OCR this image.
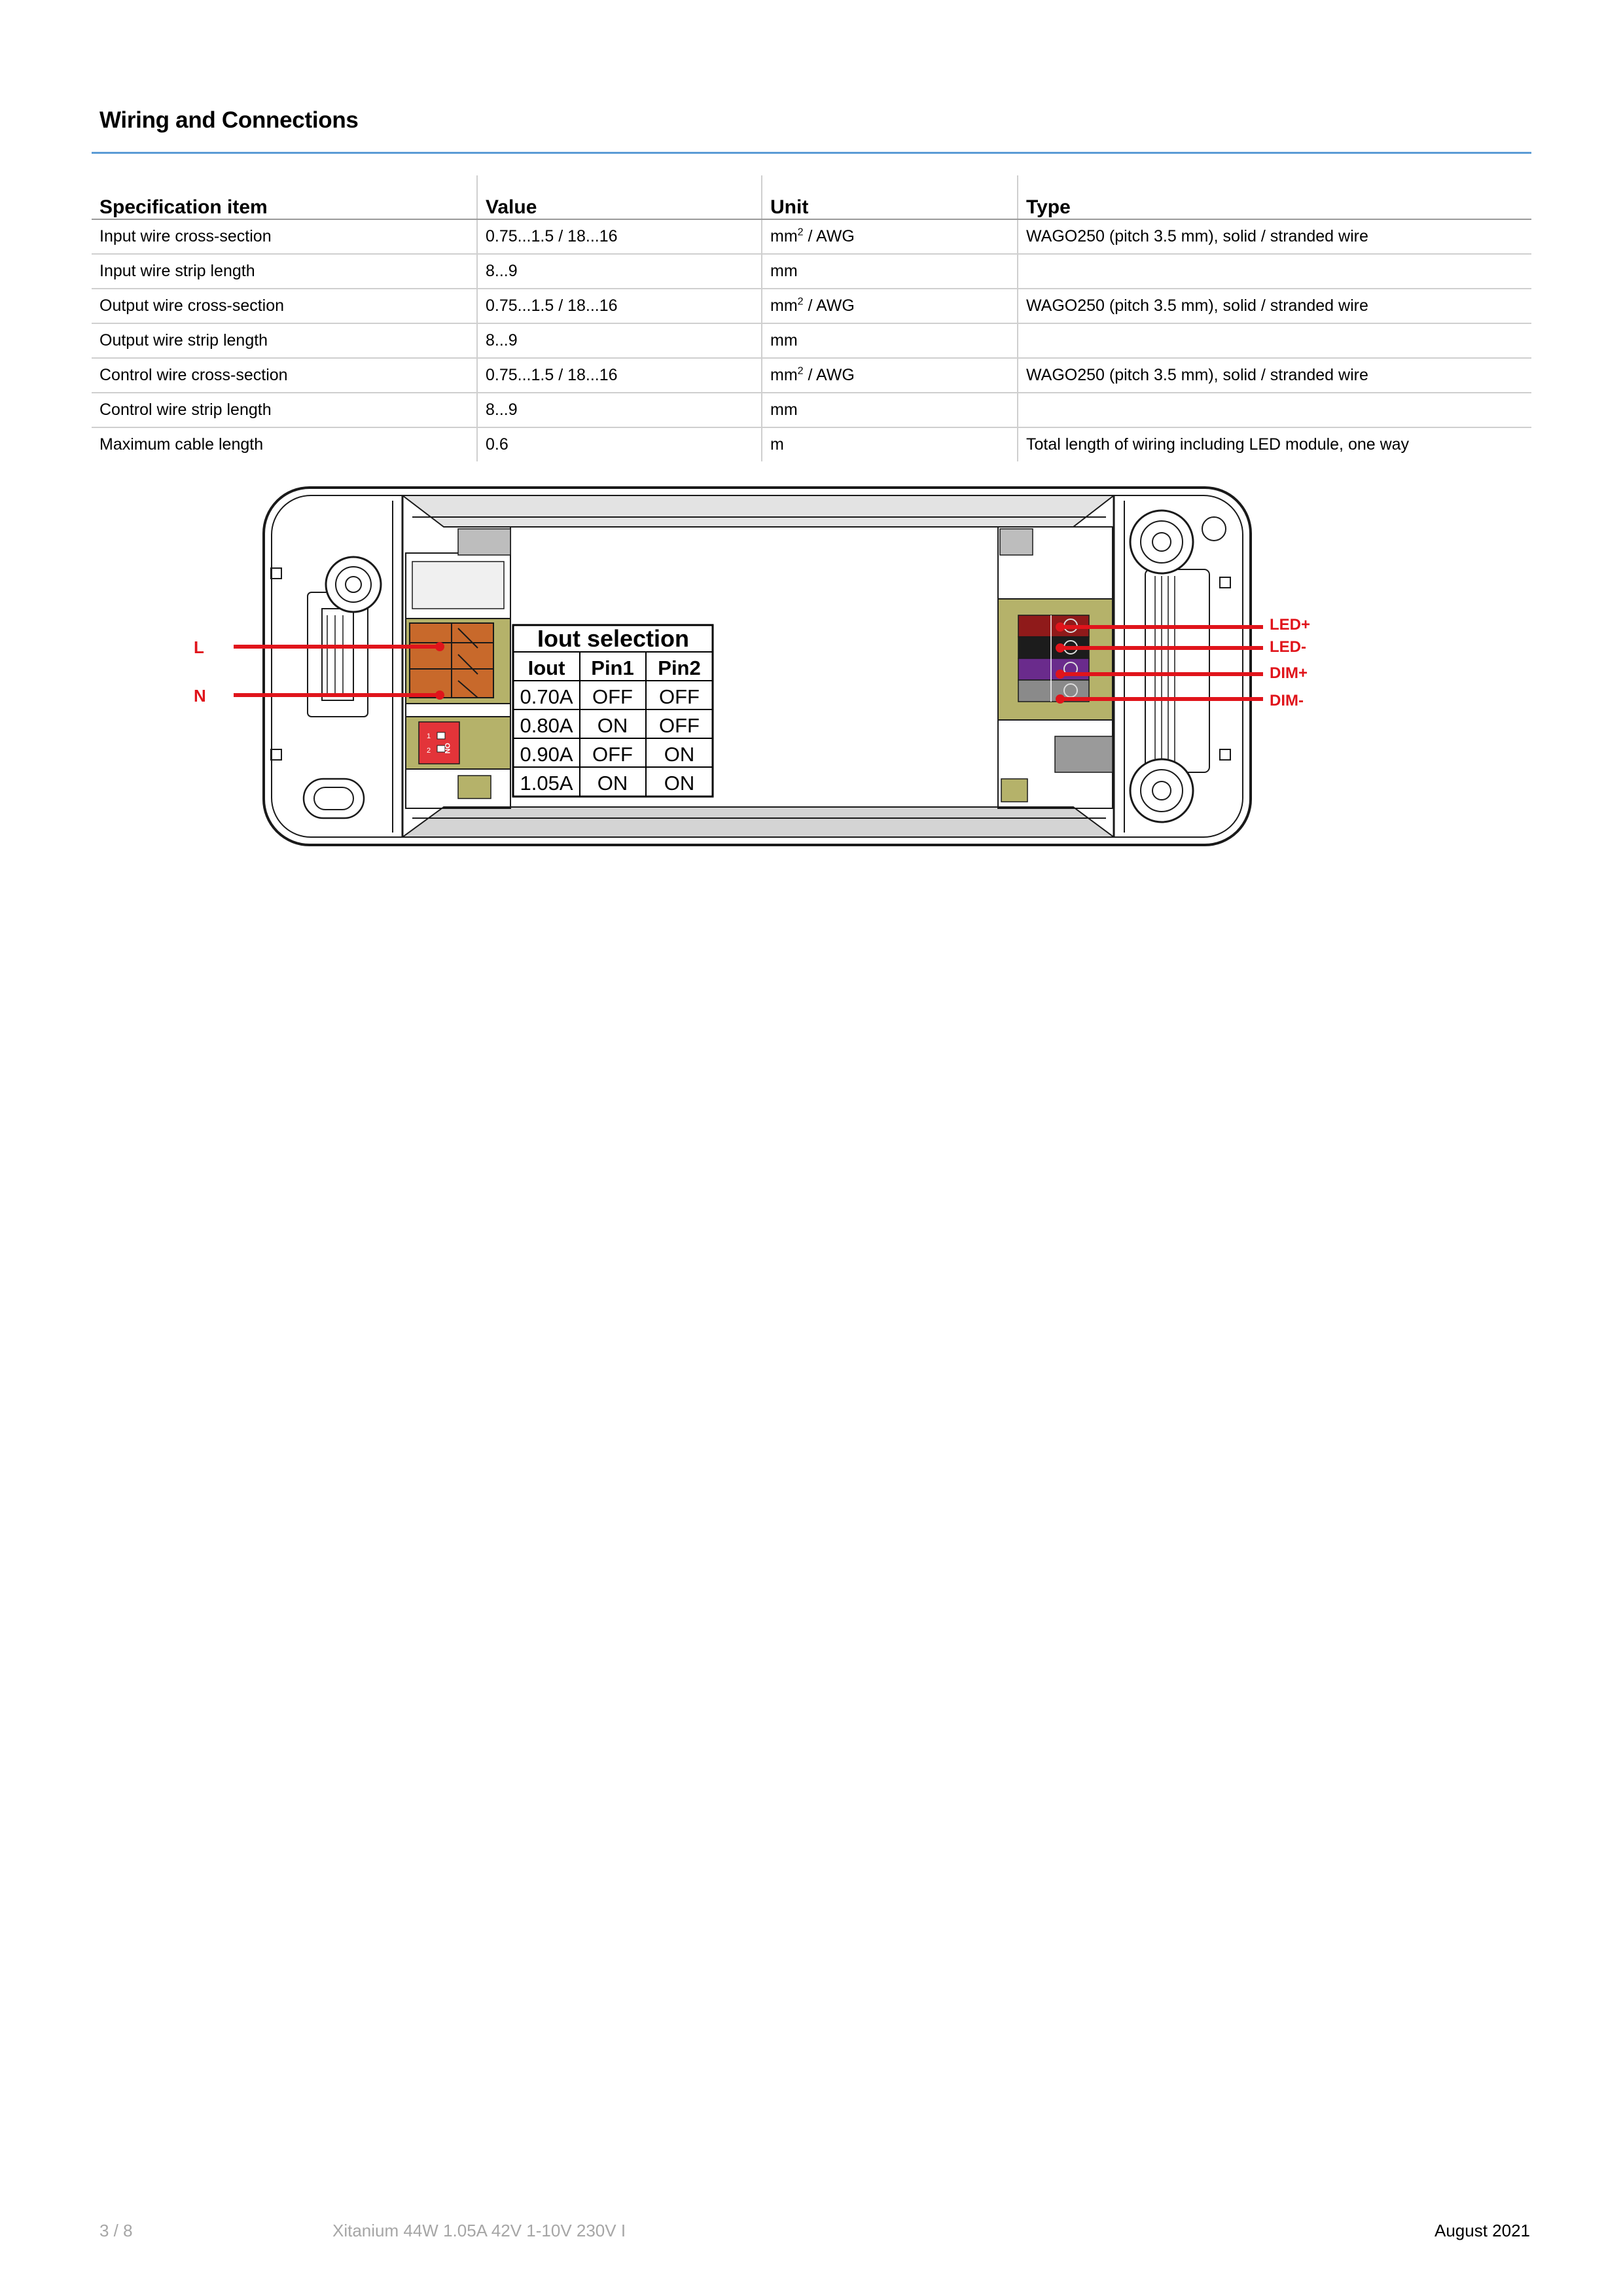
Wiring and Connections
Specification item	Value	Unit	Type
Input wire cross-section	0.75...1.5 / 18...16	$mm^2$ / AWG	WAGO250 (pitch 3.5 mm), solid / stranded wire
Input wire strip length	8...9	mm	
Output wire cross-section	0.75...1.5 / 18...16	$mm^2$ / AWG	WAGO250 (pitch 3.5 mm), solid / stranded wire
Output wire strip length	8...9	mm	
Control wire cross-section	0.75...1.5 / 18...16	$mm^2$ / AWG	WAGO250 (pitch 3.5 mm), solid / stranded wire
Control wire strip length	8...9	mm	
Maximum cable length	0.6	m	Total length of wiring including LED module, one way
1
2 ON
Iout selection
Iout Pin1 Pin2
0.70A OFF OFF
0.80A ON OFF
0.90A OFF ON
1.05A ON ON
L
N
LED+
LED-
DIM+
DIM-
3 / 8	Xitanium 44W 1.05A 42V 1-10V 230V I	August 2021
